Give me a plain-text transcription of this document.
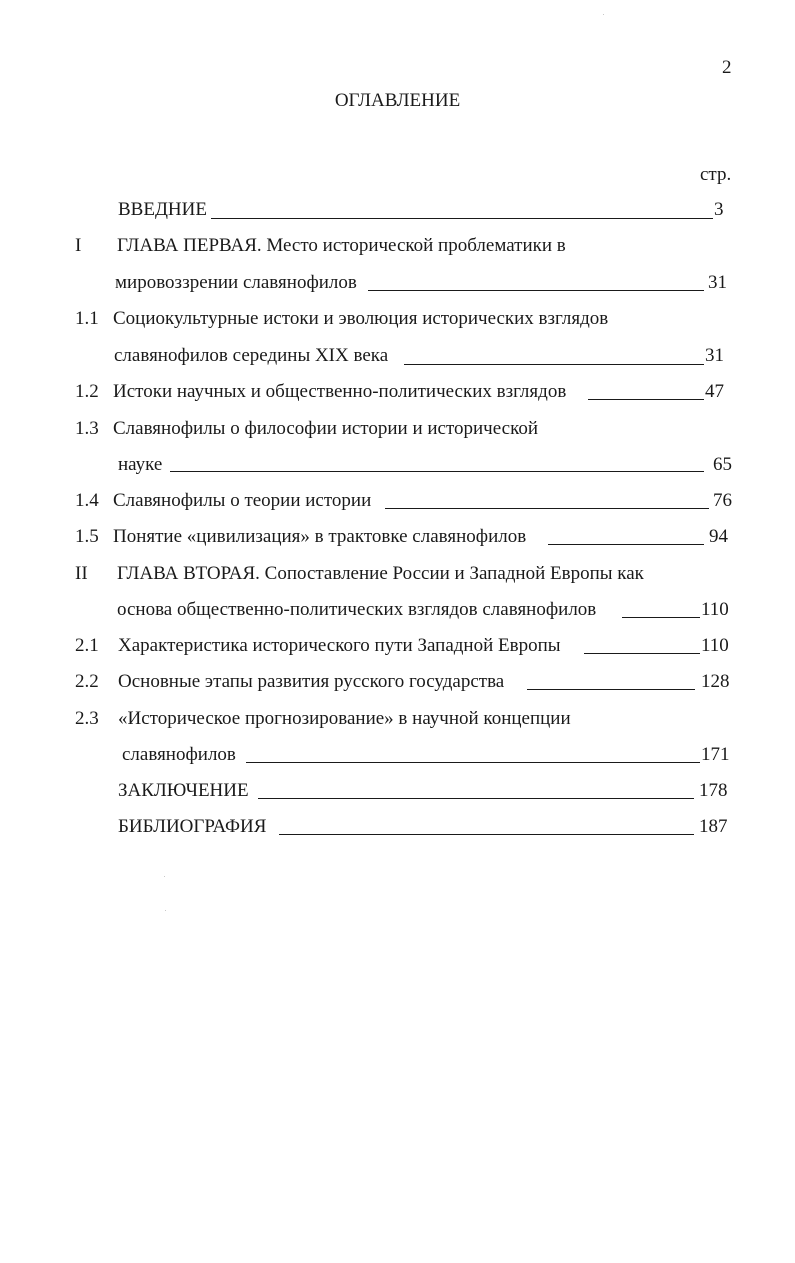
2
ОГЛАВЛЕНИЕ
стр.
ВВЕДНИЕ	3
I	ГЛАВА ПЕРВАЯ. Место исторической проблематики в
мировоззрении славянофилов	31
1.1 Социокультурные истоки и эволюция исторических взглядов
славянофилов середины XIX века	31
1.2 Истоки научных и общественно-политических взглядов	47
1.3 Славянофилы о философии истории и исторической
науке	65
1.4 Славянофилы о теории истории	76
1.5 Понятие «цивилизация» в трактовке славянофилов	94
II	ГЛАВА ВТОРАЯ. Сопоставление России и Западной Европы как
основа общественно-политических взглядов славянофилов	110
2.1	Характеристика исторического пути Западной Европы	110
2.2	Основные этапы развития русского государства	128
2.3	«Историческое прогнозирование» в научной концепции
славянофилов	171
ЗАКЛЮЧЕНИЕ	178
БИБЛИОГРАФИЯ	187
